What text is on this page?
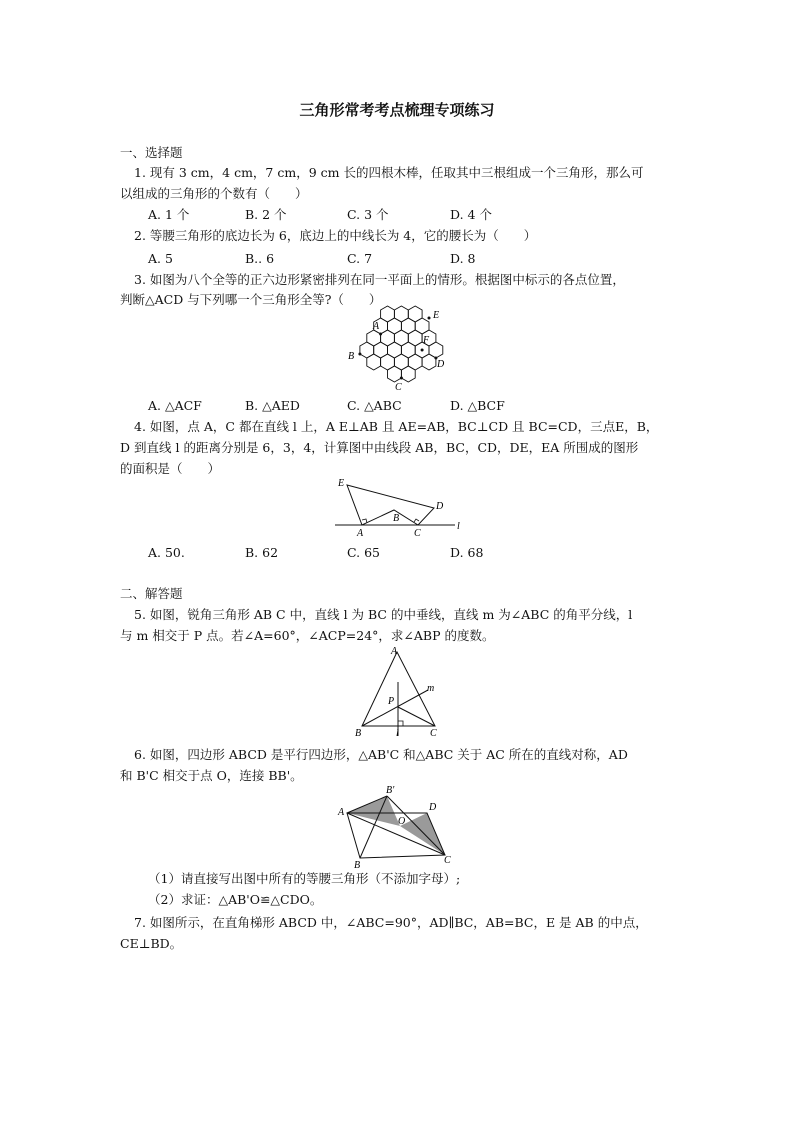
三角形常考考点梳理专项练习
一、选择题
1. 现有 3 cm，4 cm，7 cm，9 cm 长的四根木棒，任取其中三根组成一个三角形，那么可
以组成的三角形的个数有（　　）
A. 1 个	B. 2 个	C. 3 个	D. 4 个
2. 等腰三角形的底边长为 6，底边上的中线长为 4，它的腰长为（　　）
A. 5	B.. 6	C. 7	D. 8
3. 如图为八个全等的正六边形紧密排列在同一平面上的情形。根据图中标示的各点位置，
判断△ACD 与下列哪一个三角形全等?（　　）
A
E
B
D
F
C
A. △ACF	B. △AED	C. △ABC	D. △BCF
4. 如图，点 A，C 都在直线 l 上，A E⊥AB 且 AE=AB，BC⊥CD 且 BC=CD，三点E，B，
D 到直线 l 的距离分别是 6，3，4，计算图中由线段 AB，BC，CD，DE，EA 所围成的图形
的面积是（　　）
E
D
B
A	C
l
A. 50.	B. 62	C. 65	D. 68
二、解答题
5. 如图，锐角三角形 AB C 中，直线 l 为 BC 的中垂线，直线 m 为∠ABC 的角平分线，l
与 m 相交于 P 点。若∠A=60°，∠ACP=24°，求∠ABP 的度数。
A
P
m
B	l	C
6. 如图，四边形 ABCD 是平行四边形，△AB'C 和△ABC 关于 AC 所在的直线对称，AD
和 B'C 相交于点 O，连接 BB'。
A
B'
D
O
B	C
（1）请直接写出图中所有的等腰三角形（不添加字母）;
（2）求证：△AB'O≌△CDO。
7. 如图所示，在直角梯形 ABCD 中，∠ABC=90°，AD∥BC，AB=BC，E 是 AB 的中点，
CE⊥BD。
